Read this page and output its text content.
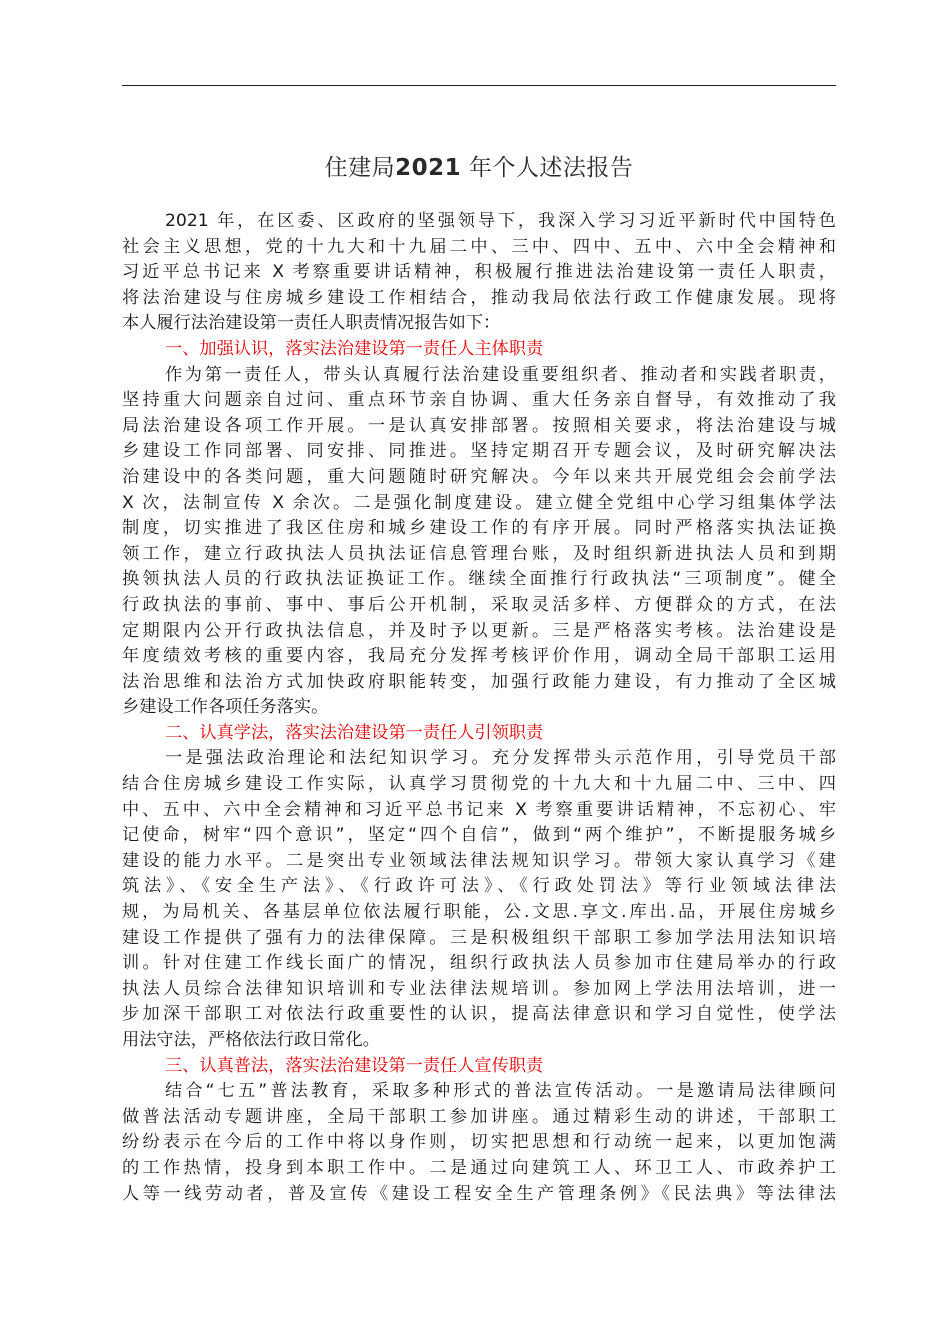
住建局2021 年个人述法报告
2021 年，在区委、区政府的坚强领导下，我深入学习习近平新时代中国特色
社会主义思想，党的十九大和十九届二中、三中、四中、五中、六中全会精神和
习近平总书记来 X 考察重要讲话精神，积极履行推进法治建设第一责任人职责，
将法治建设与住房城乡建设工作相结合，推动我局依法行政工作健康发展。现将
本人履行法治建设第一责任人职责情况报告如下：
一、加强认识，落实法治建设第一责任人主体职责
作为第一责任人，带头认真履行法治建设重要组织者、推动者和实践者职责，
坚持重大问题亲自过问、重点环节亲自协调、重大任务亲自督导，有效推动了我
局法治建设各项工作开展。一是认真安排部署。按照相关要求，将法治建设与城
乡建设工作同部署、同安排、同推进。坚持定期召开专题会议，及时研究解决法
治建设中的各类问题，重大问题随时研究解决。今年以来共开展党组会会前学法
X 次，法制宣传 X 余次。二是强化制度建设。建立健全党组中心学习组集体学法
制度，切实推进了我区住房和城乡建设工作的有序开展。同时严格落实执法证换
领工作，建立行政执法人员执法证信息管理台账，及时组织新进执法人员和到期
换领执法人员的行政执法证换证工作。继续全面推行行政执法“三项制度”。健全
行政执法的事前、事中、事后公开机制，采取灵活多样、方便群众的方式，在法
定期限内公开行政执法信息，并及时予以更新。三是严格落实考核。法治建设是
年度绩效考核的重要内容，我局充分发挥考核评价作用，调动全局干部职工运用
法治思维和法治方式加快政府职能转变，加强行政能力建设，有力推动了全区城
乡建设工作各项任务落实。
二、认真学法，落实法治建设第一责任人引领职责
一是强法政治理论和法纪知识学习。充分发挥带头示范作用，引导党员干部
结合住房城乡建设工作实际，认真学习贯彻党的十九大和十九届二中、三中、四
中、五中、六中全会精神和习近平总书记来 X 考察重要讲话精神，不忘初心、牢
记使命，树牢“四个意识”，坚定“四个自信”，做到“两个维护”，不断提服务城乡
建设的能力水平。二是突出专业领域法律法规知识学习。带领大家认真学习《建
筑法》、《安全生产法》、《行政许可法》、《行政处罚法》等行业领域法律法
规，为局机关、各基层单位依法履行职能，公.文思.享文.库出.品，开展住房城乡
建设工作提供了强有力的法律保障。三是积极组织干部职工参加学法用法知识培
训。针对住建工作线长面广的情况，组织行政执法人员参加市住建局举办的行政
执法人员综合法律知识培训和专业法律法规培训。参加网上学法用法培训，进一
步加深干部职工对依法行政重要性的认识，提高法律意识和学习自觉性，使学法
用法守法，严格依法行政日常化。
三、认真普法，落实法治建设第一责任人宣传职责
结合“七五”普法教育，采取多种形式的普法宣传活动。一是邀请局法律顾问
做普法活动专题讲座，全局干部职工参加讲座。通过精彩生动的讲述，干部职工
纷纷表示在今后的工作中将以身作则，切实把思想和行动统一起来，以更加饱满
的工作热情，投身到本职工作中。二是通过向建筑工人、环卫工人、市政养护工
人等一线劳动者，普及宣传《建设工程安全生产管理条例》《民法典》等法律法
